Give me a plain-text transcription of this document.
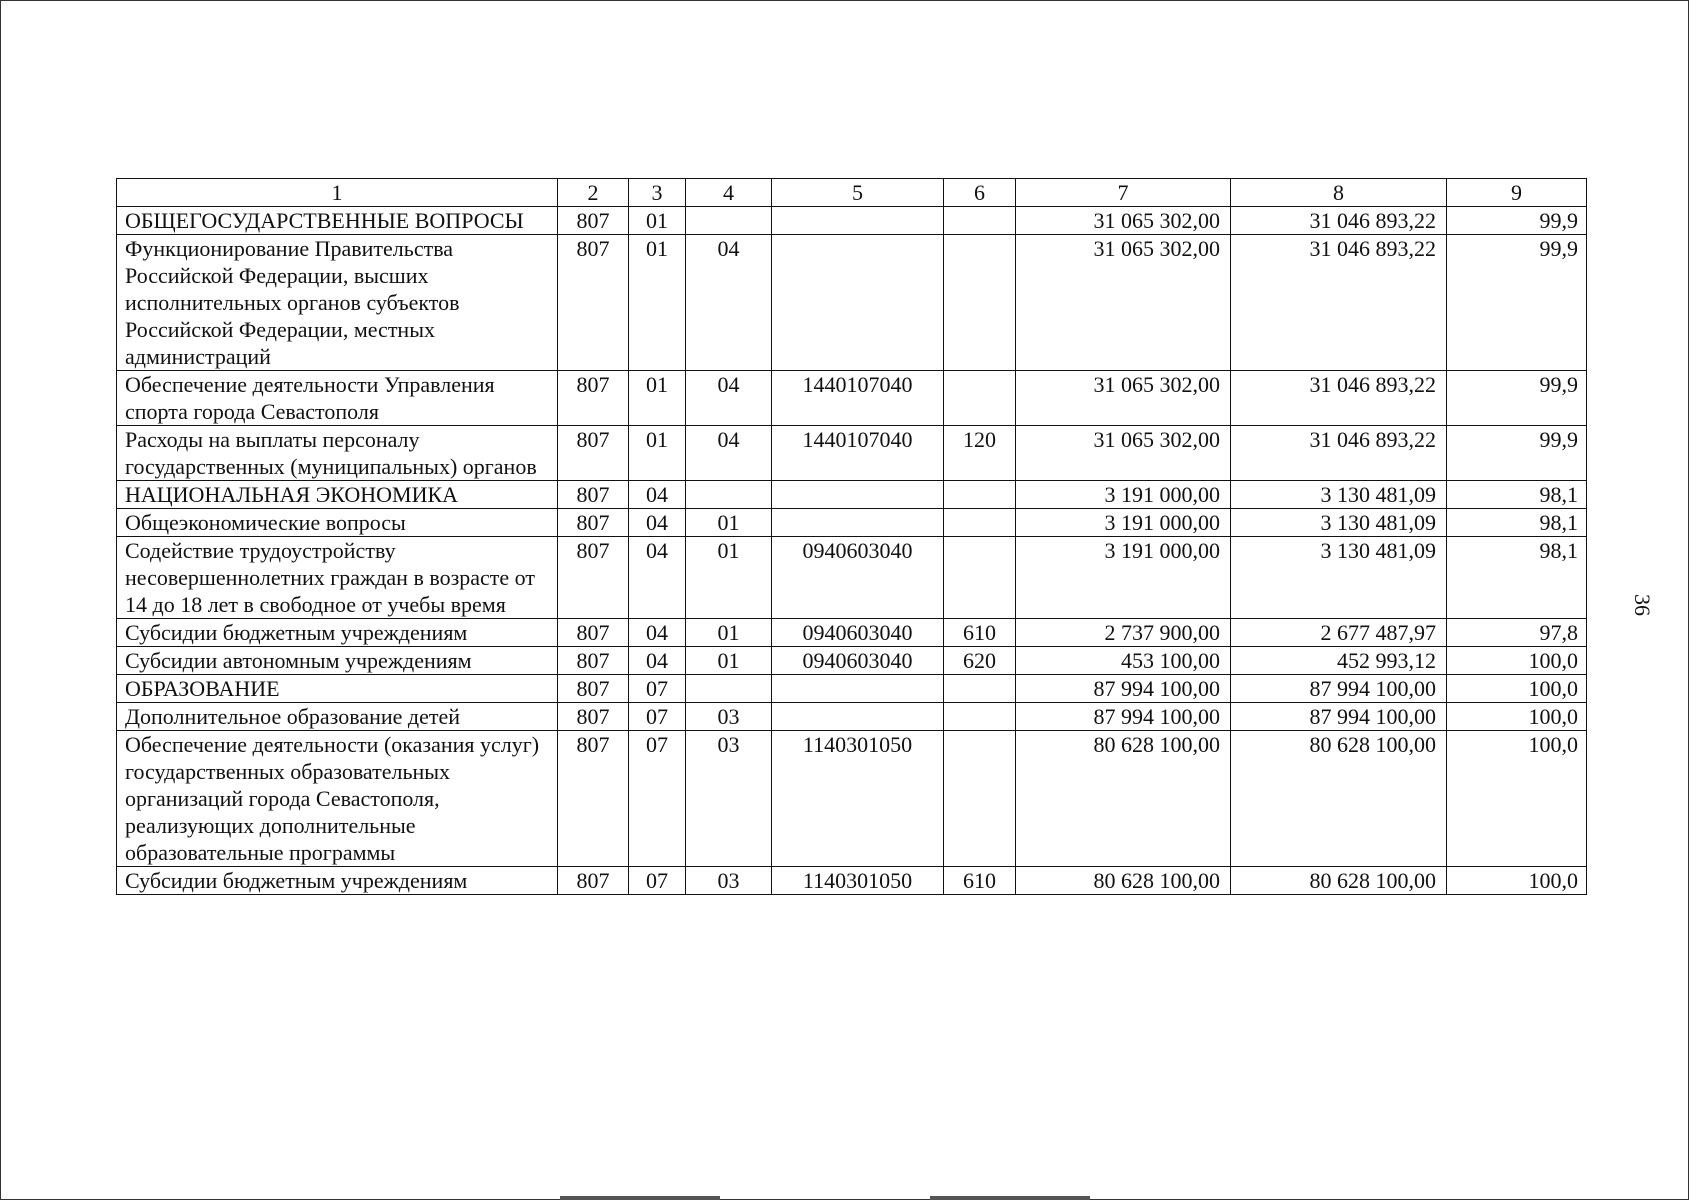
1	2	3	4	5	6	7	8	9
ОБЩЕГОСУДАРСТВЕННЫЕ ВОПРОСЫ	807	01				31 065 302,00	31 046 893,22	99,9
Функционирование Правительства Российской Федерации, высших исполнительных органов субъектов Российской Федерации, местных администраций	807	01	04			31 065 302,00	31 046 893,22	99,9
Обеспечение деятельности Управления спорта города Севастополя	807	01	04	1440107040		31 065 302,00	31 046 893,22	99,9
Расходы на выплаты персоналу государственных (муниципальных) органов	807	01	04	1440107040	120	31 065 302,00	31 046 893,22	99,9
НАЦИОНАЛЬНАЯ ЭКОНОМИКА	807	04				3 191 000,00	3 130 481,09	98,1
Общеэкономические вопросы	807	04	01			3 191 000,00	3 130 481,09	98,1
Содействие трудоустройству несовершеннолетних граждан в возрасте от 14 до 18 лет в свободное от учебы время	807	04	01	0940603040		3 191 000,00	3 130 481,09	98,1
Субсидии бюджетным учреждениям	807	04	01	0940603040	610	2 737 900,00	2 677 487,97	97,8
Субсидии автономным учреждениям	807	04	01	0940603040	620	453 100,00	452 993,12	100,0
ОБРАЗОВАНИЕ	807	07				87 994 100,00	87 994 100,00	100,0
Дополнительное образование детей	807	07	03			87 994 100,00	87 994 100,00	100,0
Обеспечение деятельности (оказания услуг) государственных образовательных организаций города Севастополя, реализующих дополнительные образовательные программы	807	07	03	1140301050		80 628 100,00	80 628 100,00	100,0
Субсидии бюджетным учреждениям	807	07	03	1140301050	610	80 628 100,00	80 628 100,00	100,0
36
